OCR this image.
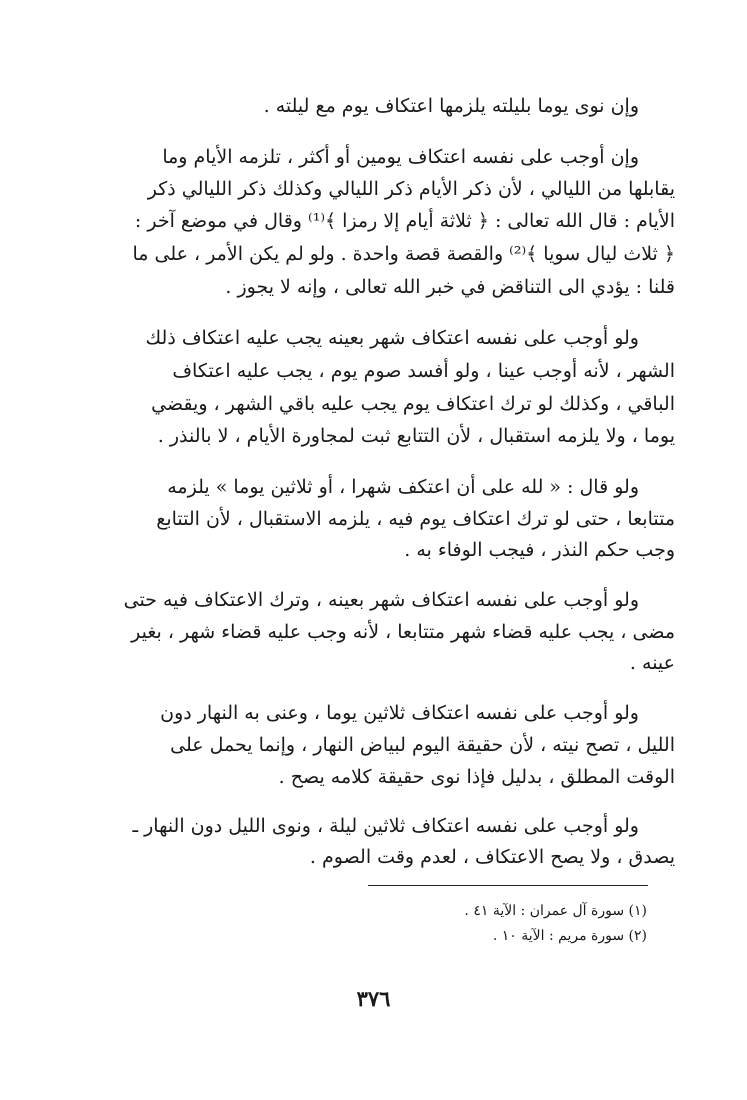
وإن نوى يوما بليلته يلزمها اعتكاف يوم مع ليلته .
وإن أوجب على نفسه اعتكاف يومين أو أكثر ، تلزمه الأيام وما
يقابلها من الليالي ، لأن ذكر الأيام ذكر الليالي وكذلك ذكر الليالي ذكر
الأيام : قال الله تعالى : ﴿ ثلاثة أيام إلا رمزا ﴾⁽¹⁾ وقال في موضع آخر :
﴿ ثلاث ليال سويا ﴾⁽²⁾ والقصة قصة واحدة . ولو لم يكن الأمر ، على ما
قلنا : يؤدي الى التناقض في خبر الله تعالى ، وإنه لا يجوز .
ولو أوجب على نفسه اعتكاف شهر بعينه يجب عليه اعتكاف ذلك
الشهر ، لأنه أوجب عينا ، ولو أفسد صوم يوم ، يجب عليه اعتكاف
الباقي ، وكذلك لو ترك اعتكاف يوم يجب عليه باقي الشهر ، ويقضي
يوما ، ولا يلزمه استقبال ، لأن التتابع ثبت لمجاورة الأيام ، لا بالنذر .
ولو قال : « لله على أن اعتكف شهرا ، أو ثلاثين يوما » يلزمه
متتابعا ، حتى لو ترك اعتكاف يوم فيه ، يلزمه الاستقبال ، لأن التتابع
وجب حكم النذر ، فيجب الوفاء به .
ولو أوجب على نفسه اعتكاف شهر بعينه ، وترك الاعتكاف فيه حتى
مضى ، يجب عليه قضاء شهر متتابعا ، لأنه وجب عليه قضاء شهر ، بغير
عينه .
ولو أوجب على نفسه اعتكاف ثلاثين يوما ، وعنى به النهار دون
الليل ، تصح نيته ، لأن حقيقة اليوم لبياض النهار ، وإنما يحمل على
الوقت المطلق ، بدليل فإذا نوى حقيقة كلامه يصح .
ولو أوجب على نفسه اعتكاف ثلاثين ليلة ، ونوى الليل دون النهار ـ
يصدق ، ولا يصح الاعتكاف ، لعدم وقت الصوم .
(١) سورة آل عمران : الآية ٤١ .
(٢) سورة مريم : الآية ١٠ .
٣٧٦
